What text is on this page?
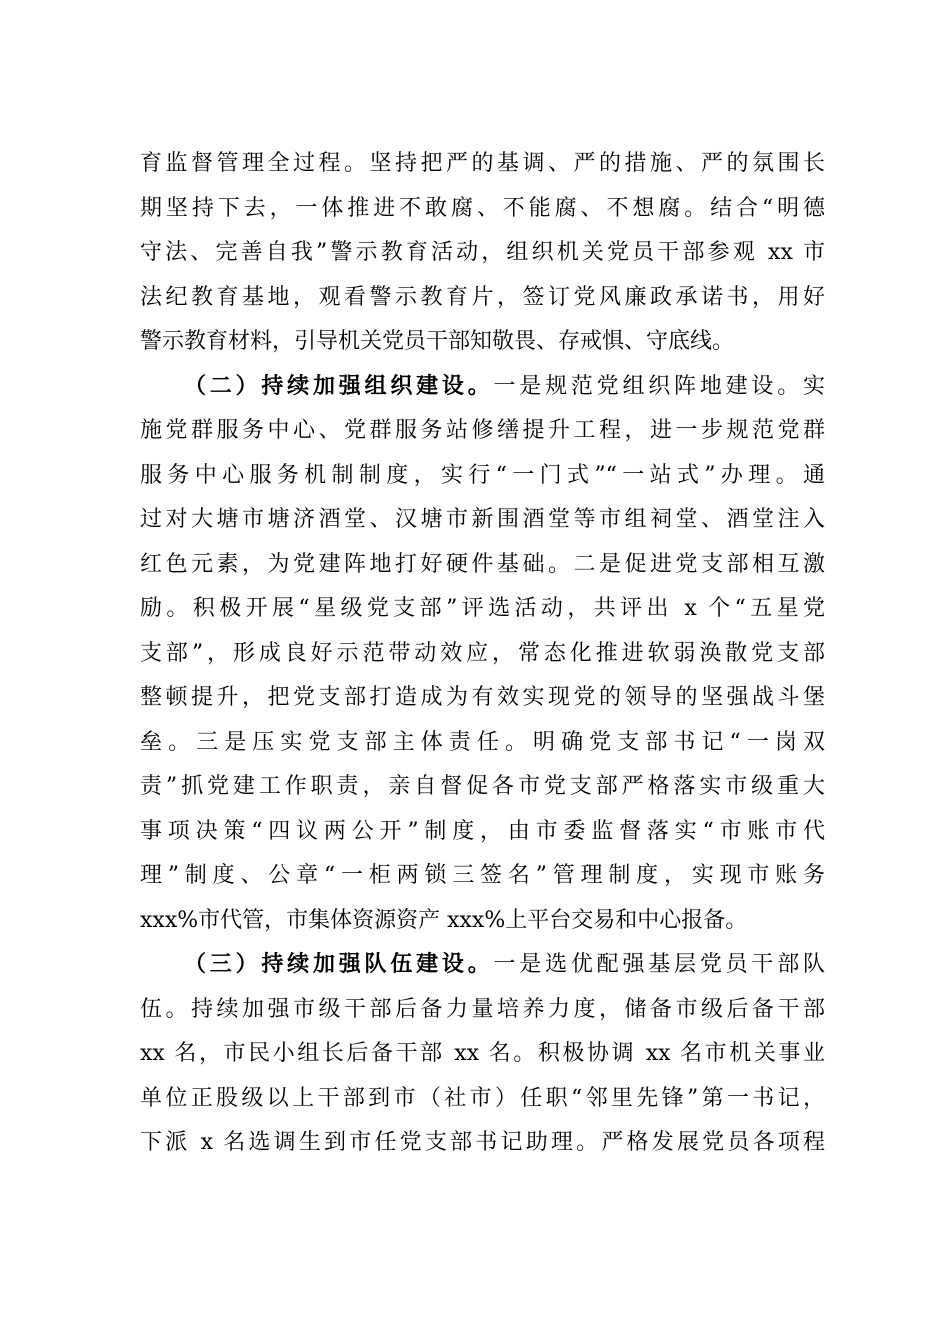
育监督管理全过程。坚持把严的基调、严的措施、严的氛围长
期坚持下去，一体推进不敢腐、不能腐、不想腐。结合“明德
守法、完善自我”警示教育活动，组织机关党员干部参观 xx 市
法纪教育基地，观看警示教育片，签订党风廉政承诺书，用好
警示教育材料，引导机关党员干部知敬畏、存戒惧、守底线。
（二）持续加强组织建设。一是规范党组织阵地建设。实
施党群服务中心、党群服务站修缮提升工程，进一步规范党群
服务中心服务机制制度，实行“一门式”“一站式”办理。通
过对大塘市塘济酒堂、汉塘市新围酒堂等市组祠堂、酒堂注入
红色元素，为党建阵地打好硬件基础。二是促进党支部相互激
励。积极开展“星级党支部”评选活动，共评出 x 个“五星党
支部”，形成良好示范带动效应，常态化推进软弱涣散党支部
整顿提升，把党支部打造成为有效实现党的领导的坚强战斗堡
垒。三是压实党支部主体责任。明确党支部书记“一岗双
责”抓党建工作职责，亲自督促各市党支部严格落实市级重大
事项决策“四议两公开”制度，由市委监督落实“市账市代
理”制度、公章“一柜两锁三签名”管理制度，实现市账务
xxx%市代管，市集体资源资产 xxx%上平台交易和中心报备。
（三）持续加强队伍建设。一是选优配强基层党员干部队
伍。持续加强市级干部后备力量培养力度，储备市级后备干部
xx 名，市民小组长后备干部 xx 名。积极协调 xx 名市机关事业
单位正股级以上干部到市（社市）任职“邻里先锋”第一书记，
下派 x 名选调生到市任党支部书记助理。严格发展党员各项程
